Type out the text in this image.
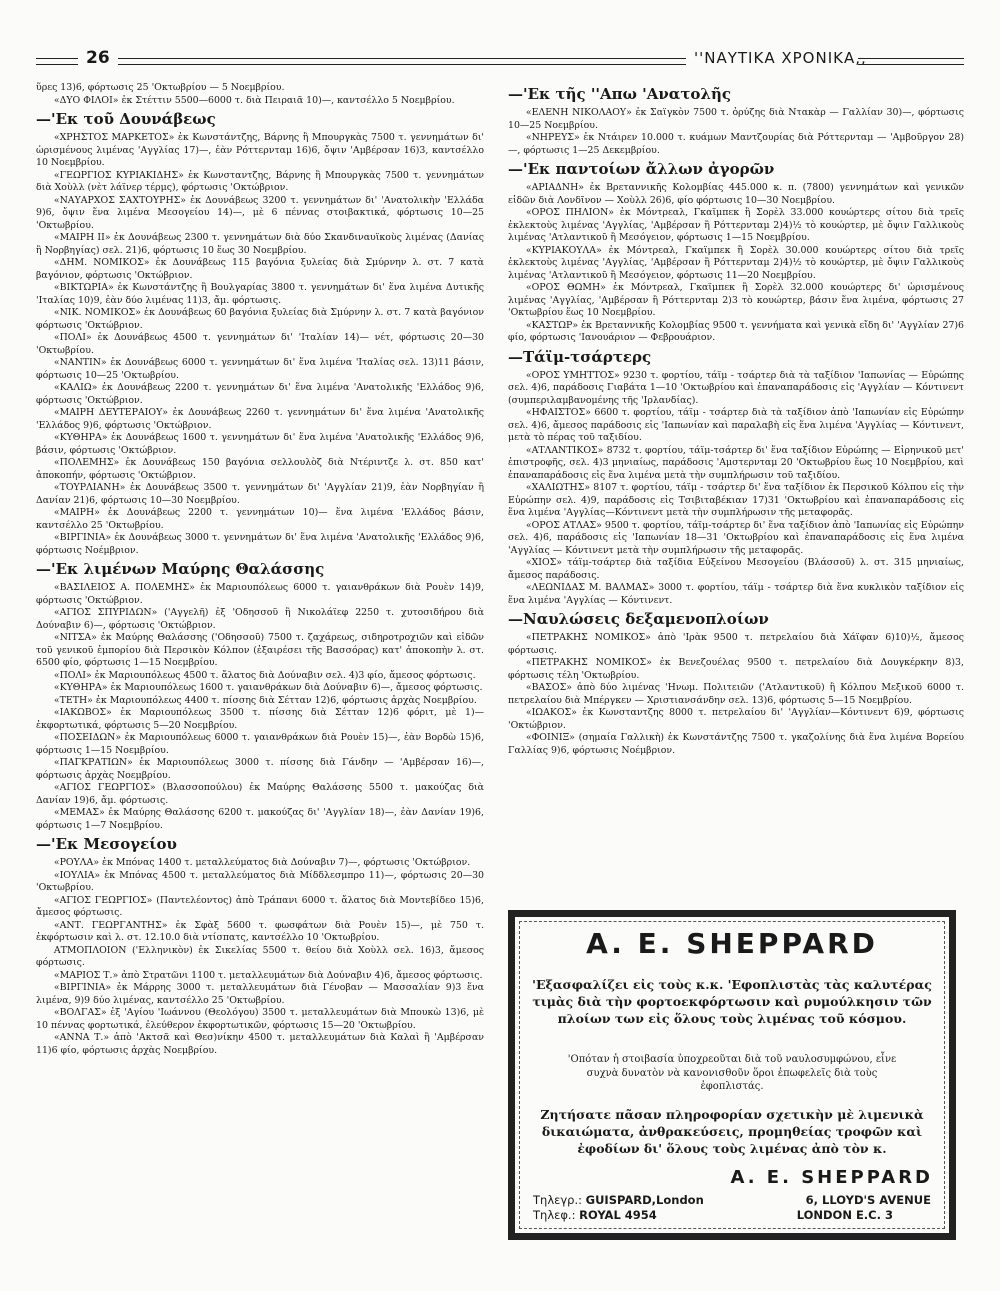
26	''ΝΑΥΤΙΚΑ ΧΡΟΝΙΚΑ,,

ὕρες 13)6, φόρτωσις 25 'Οκτωβρίου — 5 Νοεμβρίου.

«ΔΥΟ ΦΙΛΟΙ» ἐκ Στέττιν 5500—6000 τ. διὰ Πειραιᾶ 10)—, καντσέλλο 5 Νοεμβρίου.

—'Εκ τοῦ Δουνάβεως

«ΧΡΗΣΤΟΣ ΜΑΡΚΕΤΟΣ» ἐκ Κωνστάντζης, Βάρνης ἢ Μπουργκὰς 7500 τ. γεννημάτων δι' ὡρισμένους λιμένας 'Αγγλίας 17)—, ἐὰν Ρόττερνταμ 16)6, ὄψιν 'Αμβέρσαν 16)3, καντσέλλο 10 Νοεμβρίου.

«ΓΕΩΡΓΙΟΣ ΚΥΡΙΑΚΙΔΗΣ» ἐκ Κωνσταντζης, Βάρνης ἢ Μπουργκὰς 7500 τ. γεννημάτων διὰ Χοὺλλ (νὲτ λάϊνερ τέρμς), φόρτωσις 'Οκτώβριον.

«ΝΑΥΑΡΧΟΣ ΣΑΧΤΟΥΡΗΣ» ἐκ Δουνάβεως 3200 τ. γεννημάτων δι' 'Ανατολικὴν 'Ελλάδα 9)6, ὄψιν ἕνα λιμένα Μεσογείου 14)—, μὲ 6 πέννας στοιβακτικά, φόρτωσις 10—25 'Οκτωβρίου.

«ΜΑΙΡΗ ΙΙ» ἐκ Δουνάβεως 2300 τ. γεννημάτων διὰ δύο Σκανδιναυϊκοὺς λιμένας (Δανίας ἢ Νορβηγίας) σελ. 21)6, φόρτωσις 10 ἕως 30 Νοεμβρίου.

«ΔΗΜ. ΝΟΜΙΚΟΣ» ἐκ Δουνάβεως 115 βαγόνια ξυλείας διὰ Σμύρνην λ. στ. 7 κατὰ βαγόνιον, φόρτωσις 'Οκτώβριον.

«ΒΙΚΤΩΡΙΑ» ἐκ Κωνστάντζης ἢ Βουλγαρίας 3800 τ. γεννημάτων δι' ἕνα λιμένα Δυτικῆς 'Ιταλίας 10)9, ἐὰν δύο λιμένας 11)3, ἄμ. φόρτωσις.

«ΝΙΚ. ΝΟΜΙΚΟΣ» ἐκ Δουνάβεως 60 βαγόνια ξυλείας διὰ Σμύρνην λ. στ. 7 κατὰ βαγόνιον φόρτωσις 'Οκτώβριον.

«ΠΟΛΙ» ἐκ Δουνάβεως 4500 τ. γεννημάτων δι' 'Ιταλίαν 14)— νέτ, φόρτωσις 20—30 'Οκτωβρίου.

«ΝΑΝΤΙΝ» ἐκ Δουνάβεως 6000 τ. γεννημάτων δι' ἕνα λιμένα 'Ιταλίας σελ. 13)11 βάσιν, φόρτωσις 10—25 'Οκτωβρίου.

«ΚΑΛΙΩ» ἐκ Δουνάβεως 2200 τ. γεννημάτων δι' ἕνα λιμένα 'Ανατολικῆς 'Ελλάδος 9)6, φόρτωσις 'Οκτώβριον.

«ΜΑΙΡΗ ΔΕΥΤΕΡΑΙΟΥ» ἐκ Δουνάβεως 2260 τ. γεννημάτων δι' ἕνα λιμένα 'Ανατολικῆς 'Ελλάδος 9)6, φόρτωσις 'Οκτώβριον.

«ΚΥΘΗΡΑ» ἐκ Δουνάβεως 1600 τ. γεννημάτων δι' ἕνα λιμένα 'Ανατολικῆς 'Ελλάδος 9)6, βάσιν, φόρτωσις 'Οκτώβριον.

«ΠΟΛΕΜΗΣ» ἐκ Δουνάβεως 150 βαγόνια σελλουλὸζ διὰ Ντέριντζε λ. στ. 850 κατ' ἀποκοπήν, φόρτωσις 'Οκτώβριον.

«ΤΟΥΡΛΙΑΝΗ» ἐκ Δουνάβεως 3500 τ. γεννημάτων δι' 'Αγγλίαν 21)9, ἐὰν Νορβηγίαν ἢ Δανίαν 21)6, φόρτωσις 10—30 Νοεμβρίου.

«ΜΑΙΡΗ» ἐκ Δουνάβεως 2200 τ. γεννημάτων 10)— ἕνα λιμένα 'Ελλάδος βάσιν, καντσέλλο 25 'Οκτωβρίου.

«ΒΙΡΓΙΝΙΑ» ἐκ Δουνάβεως 3000 τ. γεννημάτων δι' ἕνα λιμένα 'Ανατολικῆς 'Ελλάδος 9)6, φόρτωσις Νοέμβριον.

—'Εκ λιμένων Μαύρης Θαλάσσης

«ΒΑΣΙΛΕΙΟΣ Α. ΠΟΛΕΜΗΣ» ἐκ Μαριουπόλεως 6000 τ. γαιανθράκων διὰ Ρουὲν 14)9, φόρτωσις 'Οκτώβριον.

«ΑΓΙΟΣ ΣΠΥΡΙΔΩΝ» ('Αγγελῆ) ἐξ 'Οδησσοῦ ἢ Νικολάϊεφ 2250 τ. χυτοσιδήρου διὰ Δούναβιν 6)—, φόρτωσις 'Οκτώβριον.

«ΝΙΤΣΑ» ἐκ Μαύρης Θαλάσσης ('Οδησσοῦ) 7500 τ. ζαχάρεως, σιδηροτροχιῶν καὶ εἰδῶν τοῦ γενικοῦ ἐμπορίου διὰ Περσικὸν Κόλπον (ἐξαιρέσει τῆς Βασσόρας) κατ' ἀποκοπὴν λ. στ. 6500 φίο, φόρτωσις 1—15 Νοεμβρίου.

«ΠΟΛΙ» ἐκ Μαριουπόλεως 4500 τ. ἄλατος διὰ Δούναβιν σελ. 4)3 φίο, ἄμεσος φόρτωσις.

«ΚΥΘΗΡΑ» ἐκ Μαριουπόλεως 1600 τ. γαιανθράκων διὰ Δούναβιν 6)—, ἄμεσος φόρτωσις.

«ΤΕΤΗ» ἐκ Μαριουπόλεως 4400 τ. πίσσης διὰ Σέτταν 12)6, φόρτωσις ἀρχὰς Νοεμβρίου.

«ΙΑΚΩΒΟΣ» ἐκ Μαριουπόλεως 3500 τ. πίσσης διὰ Σέτταν 12)6 φόριτ, μὲ 1)— ἐκφορτωτικά, φόρτωσις 5—20 Νοεμβρίου.

«ΠΟΣΕΙΔΩΝ» ἐκ Μαριουπόλεως 6000 τ. γαιανθράκων διὰ Ρουὲν 15)—, ἐὰν Βορδὼ 15)6, φόρτωσις 1—15 Νοεμβρίου.

«ΠΑΓΚΡΑΤΙΩΝ» ἐκ Μαριουπόλεως 3000 τ. πίσσης διὰ Γάνδην — 'Αμβέρσαν 16)—, φόρτωσις ἀρχὰς Νοεμβρίου.

«ΑΓΙΟΣ ΓΕΩΡΓΙΟΣ» (Βλασσοπούλου) ἐκ Μαύρης Θαλάσσης 5500 τ. μακούζας διὰ Δανίαν 19)6, ἄμ. φόρτωσις.

«ΜΕΜΑΣ» ἐκ Μαύρης Θαλάσσης 6200 τ. μακούζας δι' 'Αγγλίαν 18)—, ἐὰν Δανίαν 19)6, φόρτωσις 1—7 Νοεμβρίου.

—'Εκ Μεσογείου

«ΡΟΥΛΑ» ἐκ Μπόνας 1400 τ. μεταλλεύματος διὰ Δούναβιν 7)—, φόρτωσις 'Οκτώβριον.

«ΙΟΥΛΙΑ» ἐκ Μπόνας 4500 τ. μεταλλεύματος διὰ Μίδδλεσμπρο 11)—, φόρτωσις 20—30 'Οκτωβρίου.

«ΑΓΙΟΣ ΓΕΩΡΓΙΟΣ» (Παντελέοντος) ἀπὸ Τράπανι 6000 τ. ἄλατος διὰ Μοντεβίδεο 15)6, ἄμεσος φόρτωσις.

«ΑΝΤ. ΓΕΩΡΓΑΝΤΗΣ» ἐκ Σφὰξ 5600 τ. φωσφάτων διὰ Ρουὲν 15)—, μὲ 750 τ. ἐκφόρτωσιν καὶ λ. στ. 12.10.0 διὰ ντίσπατς, καντσέλλο 10 'Οκτωβρίου.

ΑΤΜΟΠΛΟΙΟΝ ('Ελληνικὸν) ἐκ Σικελίας 5500 τ. θείου διὰ Χοὺλλ σελ. 16)3, ἄμεσος φόρτωσις.

«ΜΑΡΙΟΣ Τ.» ἀπὸ Στρατῶνι 1100 τ. μεταλλευμάτων διὰ Δούναβιν 4)6, ἄμεσος φόρτωσις.

«ΒΙΡΓΙΝΙΑ» ἐκ Μάρρης 3000 τ. μεταλλευμάτων διὰ Γένοβαν — Μασσαλίαν 9)3 ἕνα λιμένα, 9)9 δύο λιμένας, καντσέλλο 25 'Οκτωβρίου.

«ΒΟΛΓΑΣ» ἐξ 'Αγίου 'Ιωάννου (Θεολόγου) 3500 τ. μεταλλευμάτων διὰ Μπουκὼ 13)6, μὲ 10 πέννας φορτωτικά, ἐλεύθερον ἐκφορτωτικῶν, φόρτωσις 15—20 'Οκτωβρίου.

«ΑΝΝΑ Τ.» ἀπὸ 'Ακτσᾶ καὶ Θεσ)νίκην 4500 τ. μεταλλευμάτων διὰ Καλαὶ ἢ 'Αμβέρσαν 11)6 φίο, φόρτωσις ἀρχὰς Νοεμβρίου.

—'Εκ τῆς ''Απω 'Ανατολῆς

«ΕΛΕΝΗ ΝΙΚΟΛΑΟΥ» ἐκ Σαϊγκὸν 7500 τ. ὀρύζης διὰ Ντακὰρ — Γαλλίαν 30)—, φόρτωσις 10—25 Νοεμβρίου.

«ΝΗΡΕΥΣ» ἐκ Ντάιρεν 10.000 τ. κυάμων Μαντζουρίας διὰ Ρόττερνταμ — 'Αμβοῦργον 28)—, φόρτωσις 1—25 Δεκεμβρίου.

—'Εκ παντοίων ἄλλων ἀγορῶν

«ΑΡΙΑΔΝΗ» ἐκ Βρεταννικῆς Κολομβίας 445.000 κ. π. (7800) γεννημάτων καὶ γενικῶν εἰδῶν διὰ Λονδῖνον — Χοὺλλ 26)6, φίο φόρτωσις 10—30 Νοεμβρίου.

«ΟΡΟΣ ΠΗΛΙΟΝ» ἐκ Μόντρεαλ, Γκαϊμπεκ ἢ Σορὲλ 33.000 κουώρτερς σίτου διὰ τρεῖς ἐκλεκτοὺς λιμένας 'Αγγλίας, 'Αμβέρσαν ἢ Ρόττερνταμ 2)4)½ τὸ κουώρτερ, μὲ ὄψιν Γαλλικοὺς λιμένας 'Ατλαντικοῦ ἢ Μεσόγειον, φόρτωσις 1—15 Νοεμβρίου.

«ΚΥΡΙΑΚΟΥΛΑ» ἐκ Μόντρεαλ, Γκαϊμπεκ ἢ Σορὲλ 30.000 κουώρτερς σίτου διὰ τρεῖς ἐκλεκτοὺς λιμένας 'Αγγλίας, 'Αμβέρσαν ἢ Ρόττερνταμ 2)4)½ τὸ κουώρτερ, μὲ ὄψιν Γαλλικοὺς λιμένας 'Ατλαντικοῦ ἢ Μεσόγειον, φόρτωσις 11—20 Νοεμβρίου.

«ΟΡΟΣ ΘΩΜΗ» ἐκ Μόντρεαλ, Γκαϊμπεκ ἢ Σορὲλ 32.000 κουώρτερς δι' ὡρισμένους λιμένας 'Αγγλίας, 'Αμβέρσαν ἢ Ρόττερνταμ 2)3 τὸ κουώρτερ, βάσιν ἕνα λιμένα, φόρτωσις 27 'Οκτωβρίου ἕως 10 Νοεμβρίου.

«ΚΑΣΤΩΡ» ἐκ Βρεταννικῆς Κολομβίας 9500 τ. γεννήματα καὶ γενικὰ εἴδη δι' 'Αγγλίαν 27)6 φίο, φόρτωσις 'Ιανουάριον — Φεβρουάριον.

—Τάϊμ-τσάρτερς

«ΟΡΟΣ ΥΜΗΤΤΟΣ» 9230 τ. φορτίου, τάϊμ - τσάρτερ διὰ τὰ ταξίδιον 'Ιαπωνίας — Εὐρώπης σελ. 4)6, παράδοσις Γιαβάτα 1—10 'Οκτωβρίου καὶ ἐπαναπαράδοσις εἰς 'Αγγλίαν — Κόντινεντ (συμπεριλαμβανομένης τῆς 'Ιρλανδίας).

«ΗΦΑΙΣΤΟΣ» 6600 τ. φορτίου, τάϊμ - τσάρτερ διὰ τὰ ταξίδιον ἀπὸ 'Ιαπωνίαν εἰς Εὐρώπην σελ. 4)6, ἄμεσος παράδοσις εἰς 'Ιαπωνίαν καὶ παραλαβὴ εἰς ἕνα λιμένα 'Αγγλίας — Κόντινεντ, μετὰ τὸ πέρας τοῦ ταξιδίου.

«ΑΤΛΑΝΤΙΚΟΣ» 8732 τ. φορτίου, τάϊμ-τσάρτερ δι' ἕνα ταξίδιον Εὐρώπης — Εἰρηνικοῦ μετ' ἐπιστροφῆς, σελ. 4)3 μηνιαίως, παράδοσις 'Αμστερνταμ 20 'Οκτωβρίου ἕως 10 Νοεμβρίου, καὶ ἐπαναπαράδοσις εἰς ἕνα λιμένα μετὰ τὴν συμπλήρωσιν τοῦ ταξιδίου.

«ΧΑΛΙΩΤΗΣ» 8107 τ. φορτίου, τάϊμ - τσάρτερ δι' ἕνα ταξίδιον ἐκ Περσικοῦ Κόλπου εἰς τὴν Εὐρώπην σελ. 4)9, παράδοσις εἰς Τσιβιταβέκιαν 17)31 'Οκτωβρίου καὶ ἐπαναπαράδοσις εἰς ἕνα λιμένα 'Αγγλίας—Κόντινεντ μετὰ τὴν συμπλήρωσιν τῆς μεταφορᾶς.

«ΟΡΟΣ ΑΤΛΑΣ» 9500 τ. φορτίου, τάϊμ-τσάρτερ δι' ἕνα ταξίδιον ἀπὸ 'Ιαπωνίας εἰς Εὐρώπην σελ. 4)6, παράδοσις εἰς 'Ιαπωνίαν 18—31 'Οκτωβρίου καὶ ἐπαναπαράδοσις εἰς ἕνα λιμένα 'Αγγλίας — Κόντινεντ μετὰ τὴν συμπλήρωσιν τῆς μεταφορᾶς.

«ΧΙΟΣ» τάϊμ-τσάρτερ διὰ ταξίδια Εὐξείνου Μεσογείου (Βλάσσοῦ) λ. στ. 315 μηνιαίως, ἄμεσος παράδοσις.

«ΛΕΩΝΙΔΑΣ Μ. ΒΑΛΜΑΣ» 3000 τ. φορτίου, τάϊμ - τσάρτερ διὰ ἕνα κυκλικὸν ταξίδιον εἰς ἕνα λιμένα 'Αγγλίας — Κόντινεντ.

—Ναυλώσεις δεξαμενοπλοίων

«ΠΕΤΡΑΚΗΣ ΝΟΜΙΚΟΣ» ἀπὸ 'Ιρὰκ 9500 τ. πετρελαίου διὰ Χάϊφαν 6)10)½, ἄμεσος φόρτωσις.

«ΠΕΤΡΑΚΗΣ ΝΟΜΙΚΟΣ» ἐκ Βενεζουέλας 9500 τ. πετρελαίου διὰ Δουγκέρκην 8)3, φόρτωσις τέλη 'Οκτωβρίου.

«ΒΑΣΟΣ» ἀπὸ δύο λιμένας 'Ηνωμ. Πολιτειῶν ('Ατλαντικοῦ) ἢ Κόλπου Μεξικοῦ 6000 τ. πετρελαίου διὰ Μπέργκεν — Χριστιανσάνδην σελ. 13)6, φόρτωσις 5—15 Νοεμβρίου.

«ΙΩΑΚΟΣ» ἐκ Κωνσταντζης 8000 τ. πετρελαίου δι' 'Αγγλίαν—Κόντινεντ 6)9, φόρτωσις 'Οκτώβριον.

«ΦΟΙΝΙΞ» (σημαία Γαλλικὴ) ἐκ Κωνστάντζης 7500 τ. γκαζολίνης διὰ ἕνα λιμένα Βορείου Γαλλίας 9)6, φόρτωσις Νοέμβριον.

A. E. SHEPPARD
'Εξασφαλίζει εἰς τοὺς κ.κ. 'Εφοπλιστὰς τὰς καλυτέρας τιμὰς διὰ τὴν φορτοεκφόρτωσιν καὶ ρυμούλκησιν τῶν πλοίων των εἰς ὅλους τοὺς λιμένας τοῦ κόσμου.
'Οπόταν ἡ στοιβασία ὑποχρεοῦται διὰ τοῦ ναυλοσυμφώνου, εἶνε συχνὰ δυνατὸν νὰ κανονισθοῦν ὅροι ἐπωφελεῖς διὰ τοὺς ἐφοπλιστάς.
Ζητήσατε πᾶσαν πληροφορίαν σχετικὴν μὲ λιμενικὰ δικαιώματα, ἀνθρακεύσεις, προμηθείας τροφῶν καὶ ἐφοδίων δι' ὅλους τοὺς λιμένας ἀπὸ τὸν κ.
A. E. SHEPPARD
Τηλεγρ.: GUISPARD,London	6, LLOYD'S AVENUE
Τηλεφ.: ROYAL 4954	LONDON E.C. 3
